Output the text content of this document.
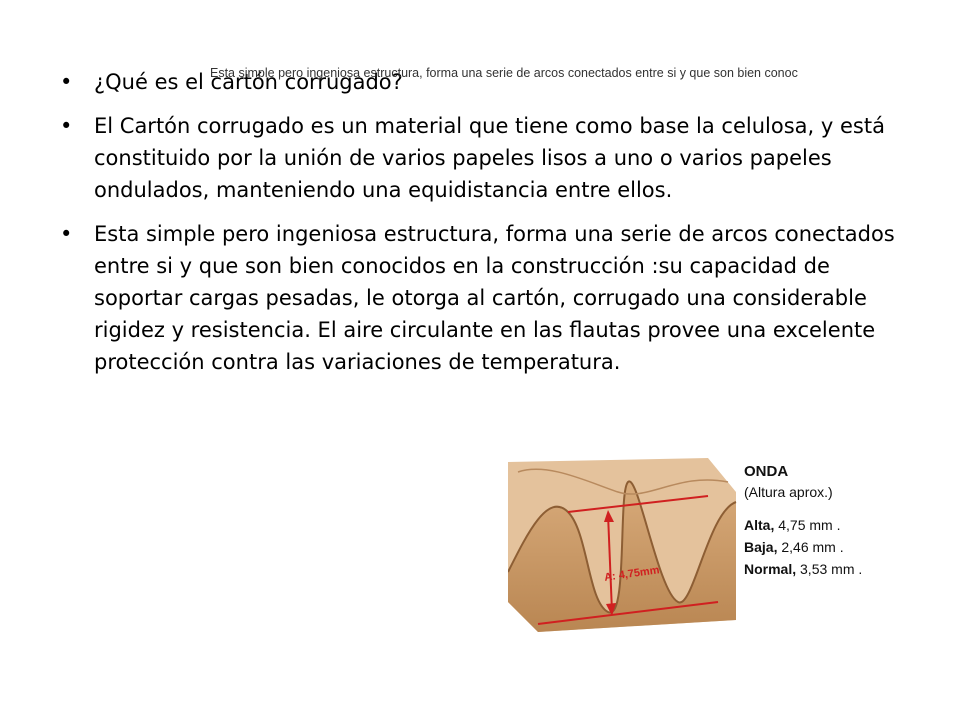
• ¿Qué es el cartón corrugado?
• El Cartón corrugado es un material que tiene como base la celulosa, y está constituido por la unión de varios papeles lisos a uno o varios papeles ondulados, manteniendo una equidistancia entre ellos.
• Esta simple pero ingeniosa estructura, forma una serie de arcos conectados entre si y que son bien conocidos en la construcción :su capacidad de soportar cargas pesadas, le otorga al cartón, corrugado una considerable rigidez y resistencia. El aire circulante en las flautas provee una excelente protección contra las variaciones de temperatura.
Esta simple pero ingeniosa estructura, forma una serie de arcos conectados entre si y que son bien conoc
A: 4,75mm
ONDA
(Altura aprox.)
Alta, 4,75 mm .
Baja, 2,46 mm .
Normal, 3,53 mm .
